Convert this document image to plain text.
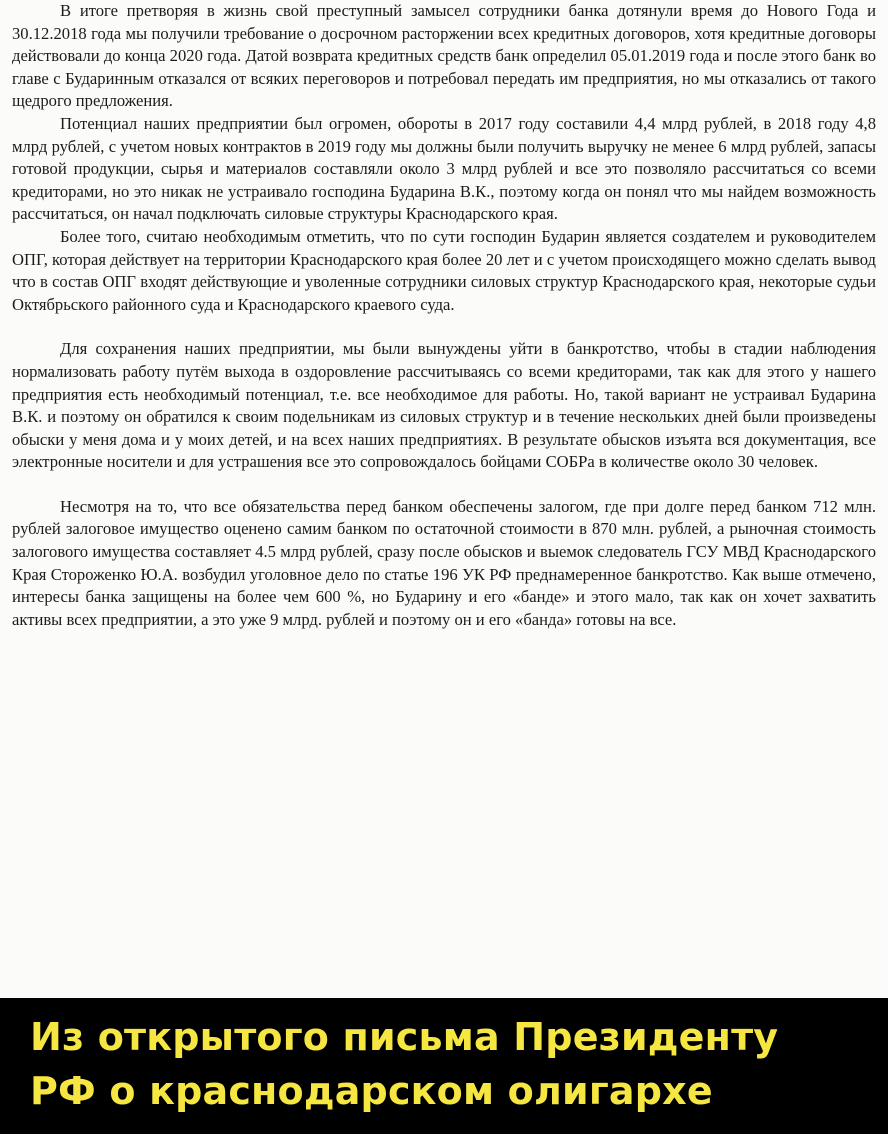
В итоге претворяя в жизнь свой преступный замысел сотрудники банка дотянули время до Нового Года и 30.12.2018 года мы получили требование о досрочном расторжении всех кредитных договоров, хотя кредитные договоры действовали до конца 2020 года. Датой возврата кредитных средств банк определил 05.01.2019 года и после этого банк во главе с Бударинным отказался от всяких переговоров и потребовал передать им предприятия, но мы отказались от такого щедрого предложения.

Потенциал наших предприятии был огромен, обороты в 2017 году составили 4,4 млрд рублей, в 2018 году 4,8 млрд рублей, с учетом новых контрактов в 2019 году мы должны были получить выручку не менее 6 млрд рублей, запасы готовой продукции, сырья и материалов составляли около 3 млрд рублей и все это позволяло рассчитаться со всеми кредиторами, но это никак не устраивало господина Бударина В.К., поэтому когда он понял что мы найдем возможность рассчитаться, он начал подключать силовые структуры Краснодарского края.

Более того, считаю необходимым отметить, что по сути господин Бударин является создателем и руководителем ОПГ, которая действует на территории Краснодарского края более 20 лет и с учетом происходящего можно сделать вывод что в состав ОПГ входят действующие и уволенные сотрудники силовых структур Краснодарского края, некоторые судьи Октябрьского районного суда и Краснодарского краевого суда.

Для сохранения наших предприятии, мы были вынуждены уйти в банкротство, чтобы в стадии наблюдения нормализовать работу путём выхода в оздоровление рассчитываясь со всеми кредиторами, так как для этого у нашего предприятия есть необходимый потенциал, т.е. все необходимое для работы. Но, такой вариант не устраивал Бударина В.К. и поэтому он обратился к своим подельникам из силовых структур и в течение нескольких дней были произведены обыски у меня дома и у моих детей, и на всех наших предприятиях. В результате обысков изъята вся документация, все электронные носители и для устрашения все это сопровождалось бойцами СОБРа в количестве около 30 человек.

Несмотря на то, что все обязательства перед банком обеспечены залогом, где при долге перед банком 712 млн. рублей залоговое имущество оценено самим банком по остаточной стоимости в 870 млн. рублей, а рыночная стоимость залогового имущества составляет 4.5 млрд рублей, сразу после обысков и выемок следователь ГСУ МВД Краснодарского Края Стороженко Ю.А. возбудил уголовное дело по статье 196 УК РФ преднамеренное банкротство. Как выше отмечено, интересы банка защищены на более чем 600 %, но Бударину и его «банде» и этого мало, так как он хочет захватить активы всех предприятии, а это уже 9 млрд. рублей и поэтому он и его «банда» готовы на все.

Из открытого письма Президенту
РФ о краснодарском олигархе
